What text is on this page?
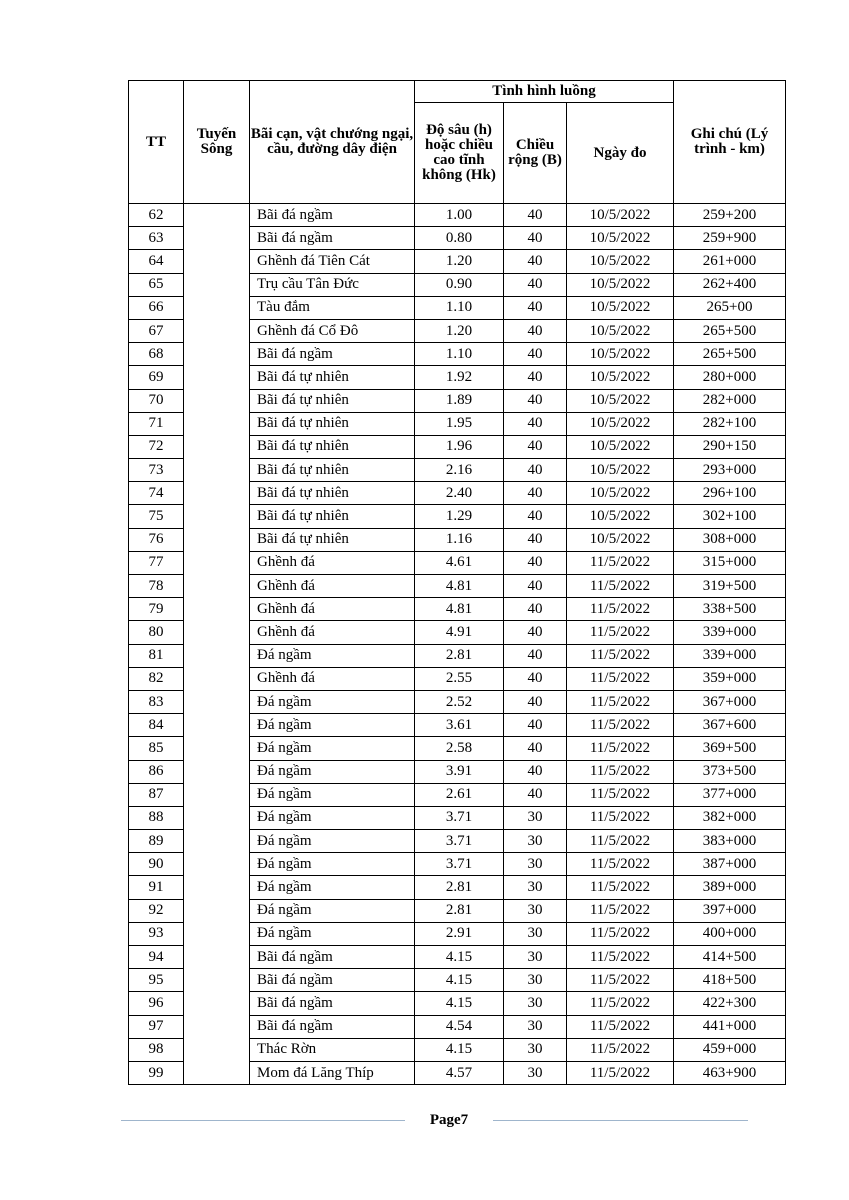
TT	Tuyến Sông	Bãi cạn, vật chướng ngại, cầu, đường dây điện	Tình hình luồng			Ghi chú (Lý trình - km)
			Độ sâu (h) hoặc chiều cao tĩnh không (Hk)	Chiều rộng (B)	Ngày đo	
62		Bãi đá ngầm	1.00	40	10/5/2022	259+200
63		Bãi đá ngầm	0.80	40	10/5/2022	259+900
64		Ghềnh đá Tiên Cát	1.20	40	10/5/2022	261+000
65		Trụ cầu Tân Đức	0.90	40	10/5/2022	262+400
66		Tàu đắm	1.10	40	10/5/2022	265+00
67		Ghềnh đá Cổ Đô	1.20	40	10/5/2022	265+500
68		Bãi đá ngầm	1.10	40	10/5/2022	265+500
69		Bãi đá tự nhiên	1.92	40	10/5/2022	280+000
70		Bãi đá tự nhiên	1.89	40	10/5/2022	282+000
71		Bãi đá tự nhiên	1.95	40	10/5/2022	282+100
72		Bãi đá tự nhiên	1.96	40	10/5/2022	290+150
73		Bãi đá tự nhiên	2.16	40	10/5/2022	293+000
74		Bãi đá tự nhiên	2.40	40	10/5/2022	296+100
75		Bãi đá tự nhiên	1.29	40	10/5/2022	302+100
76		Bãi đá tự nhiên	1.16	40	10/5/2022	308+000
77		Ghềnh đá	4.61	40	11/5/2022	315+000
78		Ghềnh đá	4.81	40	11/5/2022	319+500
79		Ghềnh đá	4.81	40	11/5/2022	338+500
80		Ghềnh đá	4.91	40	11/5/2022	339+000
81		Đá ngầm	2.81	40	11/5/2022	339+000
82		Ghềnh đá	2.55	40	11/5/2022	359+000
83		Đá ngầm	2.52	40	11/5/2022	367+000
84		Đá ngầm	3.61	40	11/5/2022	367+600
85		Đá ngầm	2.58	40	11/5/2022	369+500
86		Đá ngầm	3.91	40	11/5/2022	373+500
87		Đá ngầm	2.61	40	11/5/2022	377+000
88		Đá ngầm	3.71	30	11/5/2022	382+000
89		Đá ngầm	3.71	30	11/5/2022	383+000
90		Đá ngầm	3.71	30	11/5/2022	387+000
91		Đá ngầm	2.81	30	11/5/2022	389+000
92		Đá ngầm	2.81	30	11/5/2022	397+000
93		Đá ngầm	2.91	30	11/5/2022	400+000
94		Bãi đá ngầm	4.15	30	11/5/2022	414+500
95		Bãi đá ngầm	4.15	30	11/5/2022	418+500
96		Bãi đá ngầm	4.15	30	11/5/2022	422+300
97		Bãi đá ngầm	4.54	30	11/5/2022	441+000
98		Thác Rờn	4.15	30	11/5/2022	459+000
99		Mom đá Lăng Thíp	4.57	30	11/5/2022	463+900
Page7
